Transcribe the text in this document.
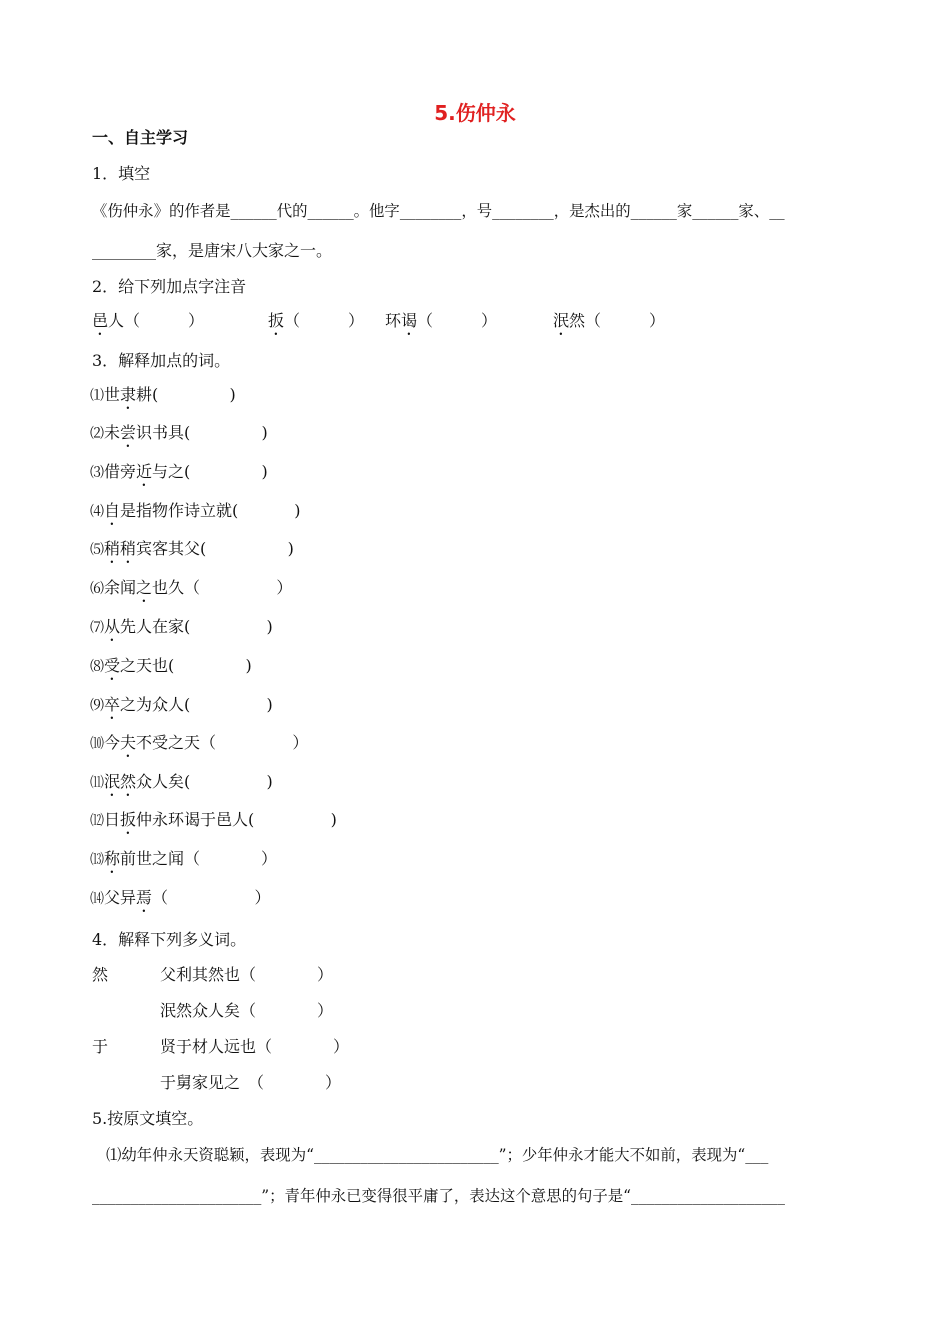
5.伤仲永
一、自主学习
1．填空
《伤仲永》的作者是______代的______。他字________，号________，是杰出的______家______家、__
________家，是唐宋八大家之一。
2．给下列加点字注音
邑人（　　　）	扳（　　　） 环谒（　　　）	泯然（　　　）
3．解释加点的词。
⑴世隶耕(              )
⑵未尝识书具(              )
⑶借旁近与之(              )
⑷自是指物作诗立就(           )
⑸稍稍宾客其父(                )
⑹余闻之也久（               ）
⑺从先人在家(               )
⑻受之天也(              )
⑼卒之为众人(               )
⑽今夫不受之天（               ）
⑾泯然众人矣(               )
⑿日扳仲永环谒于邑人(               )
⒀称前世之闻（            ）
⒁父异焉（                 ）
4．解释下列多义词。
然	父利其然也（            ）
泯然众人矣（            ）
于	贤于材人远也（            ）
于舅家见之　（            ）
5.按原文填空。
⑴幼年仲永天资聪颖，表现为“________________________”；少年仲永才能大不如前，表现为“___
______________________”；青年仲永已变得很平庸了，表达这个意思的句子是“____________________
